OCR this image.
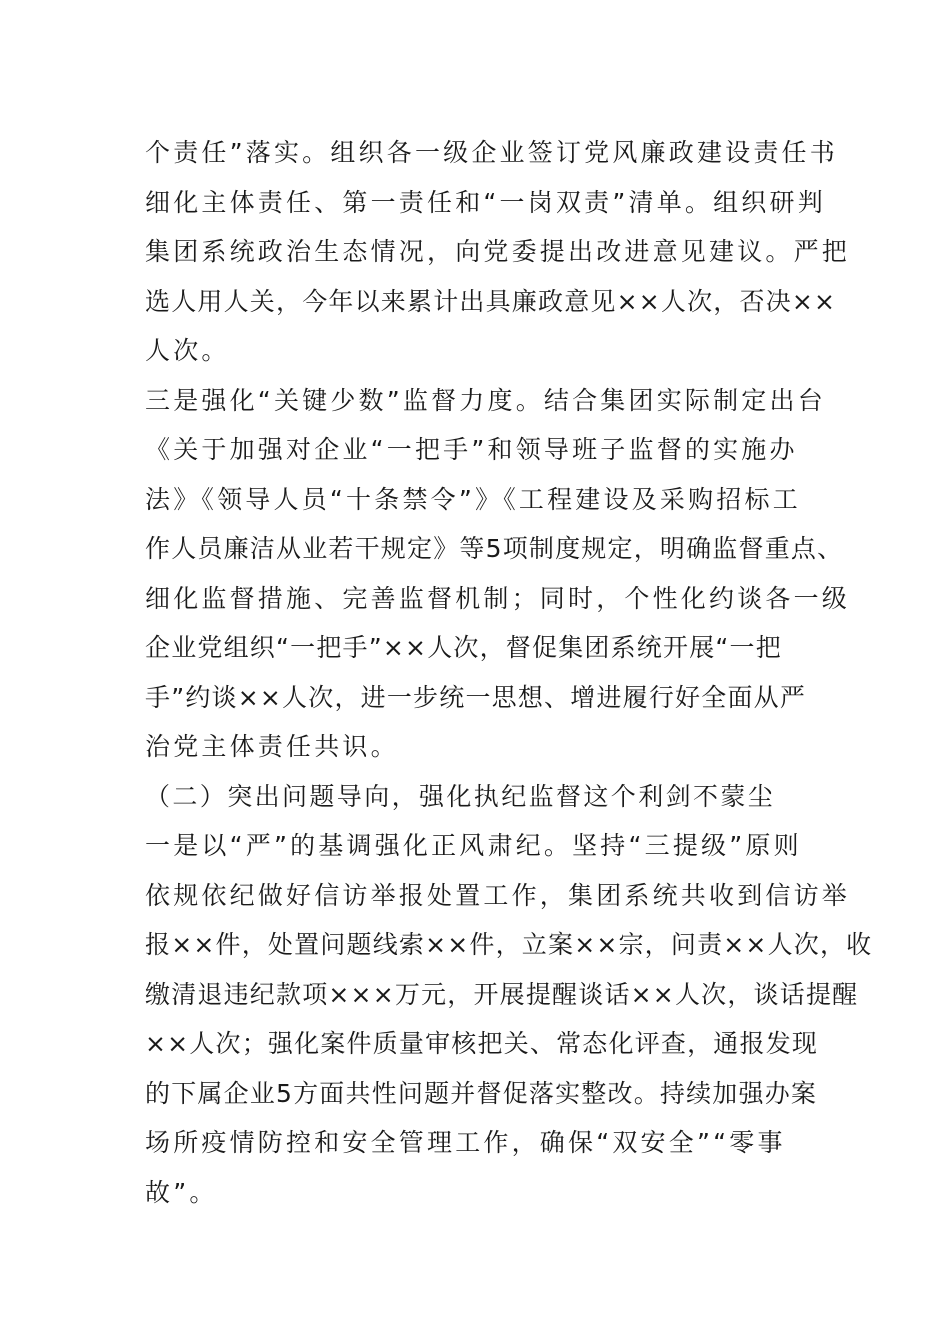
个责任”落实。组织各一级企业签订党风廉政建设责任书
细化主体责任、第一责任和“一岗双责”清单。组织研判
集团系统政治生态情况，向党委提出改进意见建议。严把
选人用人关，今年以来累计出具廉政意见××人次，否决××
人次。
三是强化“关键少数”监督力度。结合集团实际制定出台
《关于加强对企业“一把手”和领导班子监督的实施办
法》《领导人员“十条禁令”》《工程建设及采购招标工
作人员廉洁从业若干规定》等5项制度规定，明确监督重点、
细化监督措施、完善监督机制；同时，个性化约谈各一级
企业党组织“一把手”××人次，督促集团系统开展“一把
手”约谈××人次，进一步统一思想、增进履行好全面从严
治党主体责任共识。
（二）突出问题导向，强化执纪监督这个利剑不蒙尘
一是以“严”的基调强化正风肃纪。坚持“三提级”原则
依规依纪做好信访举报处置工作，集团系统共收到信访举
报××件，处置问题线索××件，立案××宗，问责××人次，收
缴清退违纪款项×××万元，开展提醒谈话××人次，谈话提醒
××人次；强化案件质量审核把关、常态化评查，通报发现
的下属企业5方面共性问题并督促落实整改。持续加强办案
场所疫情防控和安全管理工作，确保“双安全”“零事
故”。
